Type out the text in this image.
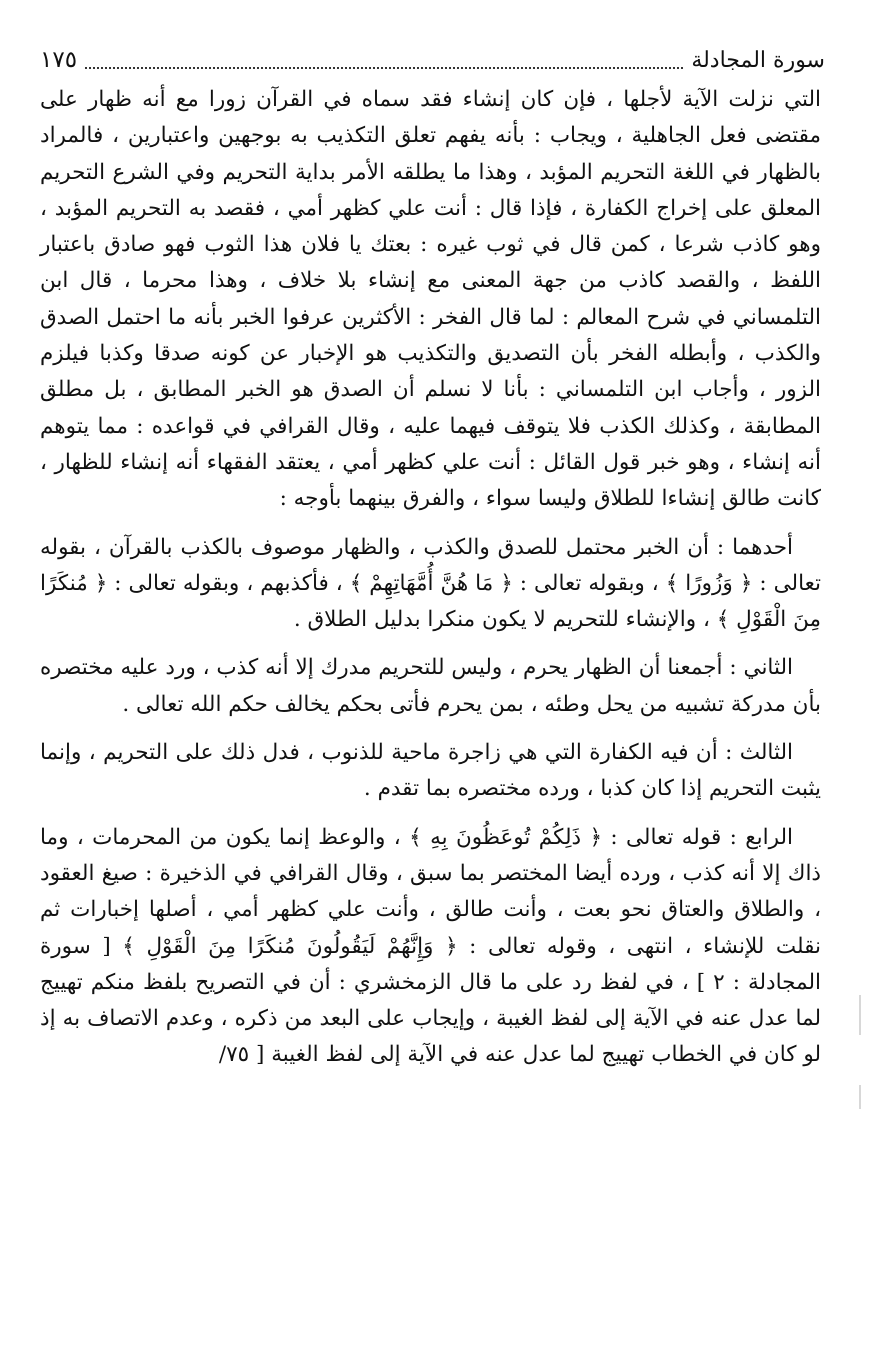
سورة المجادلة
١٧٥

التي نزلت الآية لأجلها ، فإن كان إنشاء فقد سماه في القرآن زورا مع أنه ظهار على مقتضى فعل الجاهلية ، ويجاب : بأنه يفهم تعلق التكذيب به بوجهين واعتبارين ، فالمراد بالظهار في اللغة التحريم المؤبد ، وهذا ما يطلقه الأمر بداية التحريم وفي الشرع التحريم المعلق على إخراج الكفارة ، فإذا قال : أنت علي كظهر أمي ، فقصد به التحريم المؤبد ، وهو كاذب شرعا ، كمن قال في ثوب غيره : بعتك يا فلان هذا الثوب فهو صادق باعتبار اللفظ ، والقصد كاذب من جهة المعنى مع إنشاء بلا خلاف ، وهذا محرما ، قال ابن التلمساني في شرح المعالم : لما قال الفخر : الأكثرين عرفوا الخبر بأنه ما احتمل الصدق والكذب ، وأبطله الفخر بأن التصديق والتكذيب هو الإخبار عن كونه صدقا وكذبا فيلزم الزور ، وأجاب ابن التلمساني : بأنا لا نسلم أن الصدق هو الخبر المطابق ، بل مطلق المطابقة ، وكذلك الكذب فلا يتوقف فيهما عليه ، وقال القرافي في قواعده : مما يتوهم أنه إنشاء ، وهو خبر قول القائل : أنت علي كظهر أمي ، يعتقد الفقهاء أنه إنشاء للظهار ، كانت طالق إنشاءا للطلاق وليسا سواء ، والفرق بينهما بأوجه :

أحدهما : أن الخبر محتمل للصدق والكذب ، والظهار موصوف بالكذب بالقرآن ، بقوله تعالى : ﴿ وَزُورًا ﴾ ، وبقوله تعالى : ﴿ مَا هُنَّ أُمَّهَاتِهِمْ ﴾ ، فأكذبهم ، وبقوله تعالى : ﴿ مُنكَرًا مِنَ الْقَوْلِ ﴾ ، والإنشاء للتحريم لا يكون منكرا بدليل الطلاق .

الثاني : أجمعنا أن الظهار يحرم ، وليس للتحريم مدرك إلا أنه كذب ، ورد عليه مختصره بأن مدركة تشبيه من يحل وطئه ، بمن يحرم فأتى بحكم يخالف حكم الله تعالى .

الثالث : أن فيه الكفارة التي هي زاجرة ماحية للذنوب ، فدل ذلك على التحريم ، وإنما يثبت التحريم إذا كان كذبا ، ورده مختصره بما تقدم .

الرابع : قوله تعالى : ﴿ ذَلِكُمْ تُوعَظُونَ بِهِ ﴾ ، والوعظ إنما يكون من المحرمات ، وما ذاك إلا أنه كذب ، ورده أيضا المختصر بما سبق ، وقال القرافي في الذخيرة : صيغ العقود ، والطلاق والعتاق نحو بعت ، وأنت طالق ، وأنت علي كظهر أمي ، أصلها إخبارات ثم نقلت للإنشاء ، انتهى ، وقوله تعالى : ﴿ وَإِنَّهُمْ لَيَقُولُونَ مُنكَرًا مِنَ الْقَوْلِ ﴾ [ سورة المجادلة : ٢ ] ، في لفظ رد على ما قال الزمخشري : أن في التصريح بلفظ منكم تهييج لما عدل عنه في الآية إلى لفظ الغيبة ، وإيجاب على البعد من ذكره ، وعدم الاتصاف به إذ لو كان في الخطاب تهييج لما عدل عنه في الآية إلى لفظ الغيبة [ ٧٥/
